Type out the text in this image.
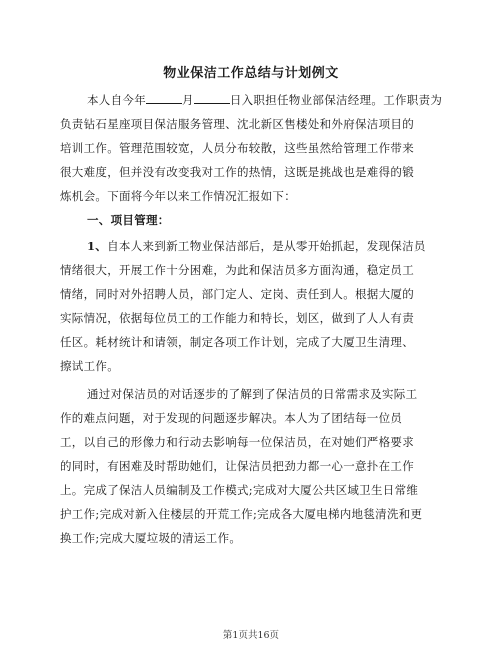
物业保洁工作总结与计划例文
本人自今年	月	日入职担任物业部保洁经理。工作职责为
负责钻石星座项目保洁服务管理、沈北新区售楼处和外府保洁项目的
培训工作。管理范围较宽，人员分布较散，这些虽然给管理工作带来
很大难度，但并没有改变我对工作的热情，这既是挑战也是难得的锻
炼机会。下面将今年以来工作情况汇报如下：
一、项目管理：
1、自本人来到新工物业保洁部后，是从零开始抓起，发现保洁员
情绪很大，开展工作十分困难，为此和保洁员多方面沟通，稳定员工
情绪，同时对外招聘人员，部门定人、定岗、责任到人。根据大厦的
实际情况，依据每位员工的工作能力和特长，划区，做到了人人有责
任区。耗材统计和请领，制定各项工作计划，完成了大厦卫生清理、
擦试工作。
通过对保洁员的对话逐步的了解到了保洁员的日常需求及实际工
作的难点问题，对于发现的问题逐步解决。本人为了团结每一位员
工，以自己的形像力和行动去影响每一位保洁员，在对她们严格要求
的同时，有困难及时帮助她们，让保洁员把劲力都一心一意扑在工作
上。完成了保洁人员编制及工作模式;完成对大厦公共区域卫生日常维
护工作;完成对新入住楼层的开荒工作;完成各大厦电梯内地毯清洗和更
换工作;完成大厦垃圾的清运工作。
第1页共16页
